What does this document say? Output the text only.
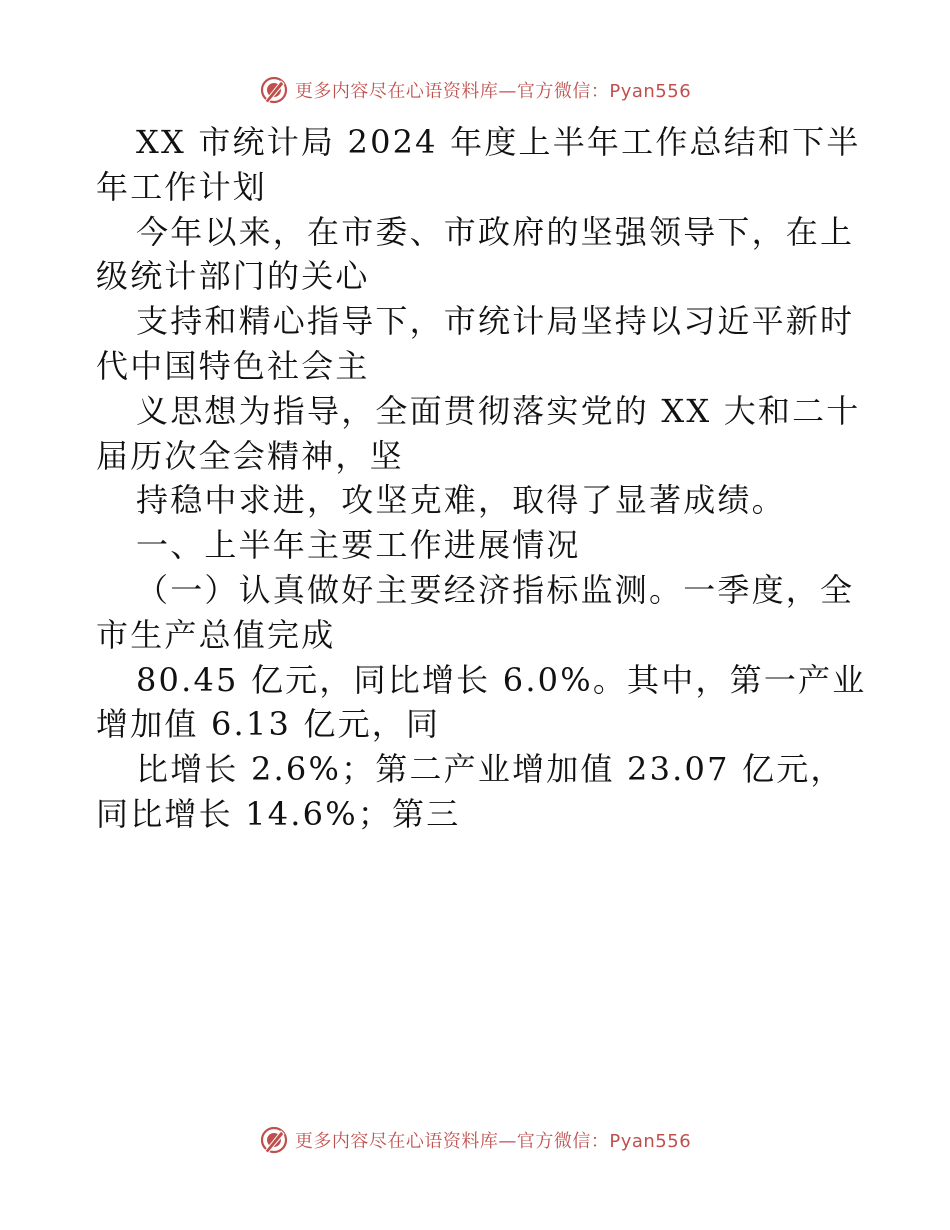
更多内容尽在心语资料库—官方微信：Pyan556
XX 市统计局 2024 年度上半年工作总结和下半
年工作计划
今年以来，在市委、市政府的坚强领导下，在上
级统计部门的关心
支持和精心指导下，市统计局坚持以习近平新时
代中国特色社会主
义思想为指导，全面贯彻落实党的 XX 大和二十
届历次全会精神，坚
持稳中求进，攻坚克难，取得了显著成绩。
一、上半年主要工作进展情况
（一）认真做好主要经济指标监测。一季度，全
市生产总值完成
80.45 亿元，同比增长 6.0%。其中，第一产业
增加值 6.13 亿元，同
比增长 2.6%；第二产业增加值 23.07 亿元，
同比增长 14.6%；第三
更多内容尽在心语资料库—官方微信：Pyan556
